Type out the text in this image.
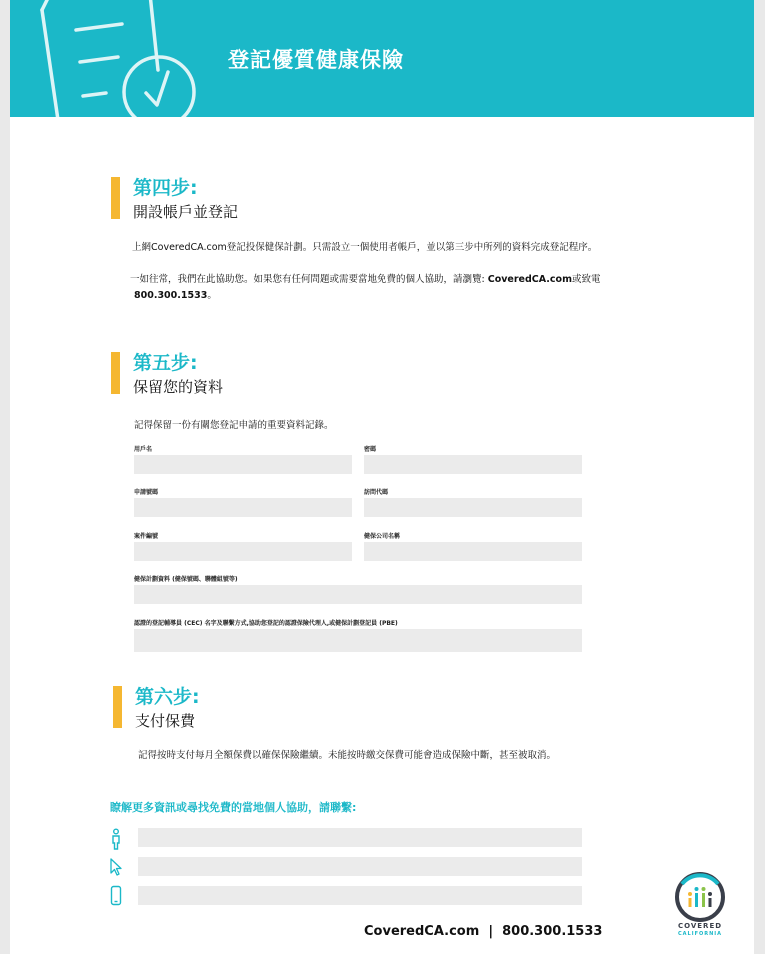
登記優質健康保險
第四步:
開設帳戶並登記
上網CoveredCA.com登記投保健保計劃。只需設立一個使用者帳戶，並以第三步中所列的資料完成登記程序。
一如往常，我們在此協助您。如果您有任何問題或需要當地免費的個人協助，請瀏覽: CoveredCA.com或致電
800.300.1533。
第五步:
保留您的資料
記得保留一份有關您登記申請的重要資料記錄。
用戶名	密碼
申請號碼	訪問代碼
案件編號	健保公司名稱
健保計劃資料 (健保號碼、聯體組號等)
認證的登記輔導員 (CEC) 名字及聯繫方式,協助您登記的認證保險代理人,或健保計劃登記員 (PBE)
第六步:
支付保費
記得按時支付每月全額保費以確保保險繼續。未能按時繳交保費可能會造成保險中斷，甚至被取消。
瞭解更多資訊或尋找免費的當地個人協助，請聯繫:
CoveredCA.com  |  800.300.1533	COVERED
CALIFORNIA
